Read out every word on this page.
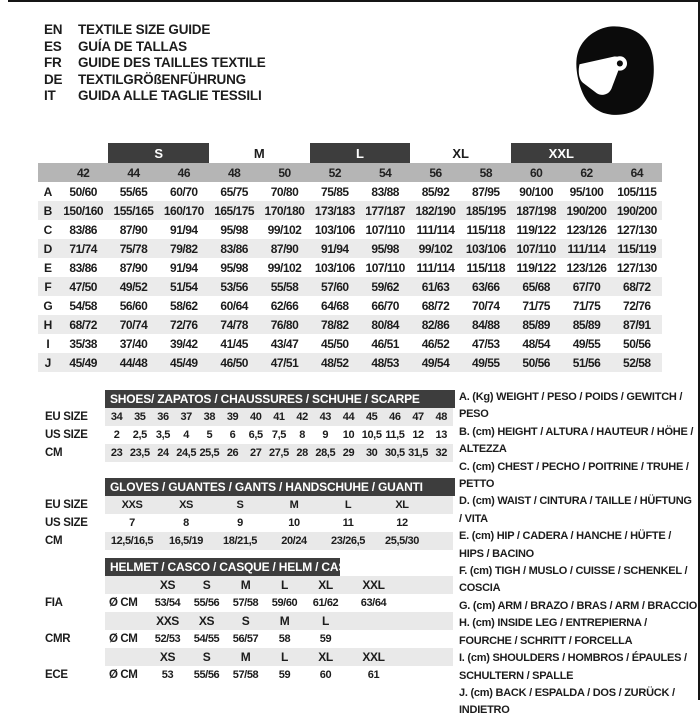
EN	TEXTILE SIZE GUIDE
ES	GUÍA DE TALLAS
FR	GUIDE DES TAILLES TEXTILE
DE	TEXTILGRÖßENFÜHRUNG
IT	GUIDA ALLE TAGLIE TESSILI
S	M	L	XL	XXL
42	44	46	48	50	52	54	56	58	60	62	64
A	50/60	55/65	60/70	65/75	70/80	75/85	83/88	85/92	87/95	90/100	95/100	105/115
B 150/160 155/165 160/170 165/175 170/180 173/183 177/187 182/190 185/195 187/198 190/200 190/200
C	83/86	87/90	91/94	95/98	99/102	103/106 107/110 111/114	115/118 119/122 123/126 127/130
D	71/74	75/78	79/82	83/86	87/90	91/94	95/98	99/102	103/106 107/110 111/114	115/119
E	83/86	87/90	91/94	95/98	99/102	103/106 107/110 111/114	115/118 119/122 123/126 127/130
F	47/50	49/52	51/54	53/56	55/58	57/60	59/62	61/63	63/66	65/68	67/70	68/72
G	54/58	56/60	58/62	60/64	62/66	64/68	66/70	68/72	70/74	71/75	71/75	72/76
H	68/72	70/74	72/76	74/78	76/80	78/82	80/84	82/86	84/88	85/89	85/89	87/91
I	35/38	37/40	39/42	41/45	43/47	45/50	46/51	46/52	47/53	48/54	49/55	50/56
J	45/49	44/48	45/49	46/50	47/51	48/52	48/53	49/54	49/55	50/56	51/56	52/58
SHOES/ ZAPATOS / CHAUSSURES / SCHUHE / SCARPE
EU SIZE	34	35	36	37	38	39	40	41	42	43	44	45	46	47	48
US SIZE	2	2,5 3,5	4	5	6	6,5 7,5	8	9	10 10,5 11,5 12	13
CM	23 23,5 24 24,5 25,5 26	27 27,5 28 28,5 29	30 30,5 31,5 32
GLOVES / GUANTES / GANTS / HANDSCHUHE / GUANTI
EU SIZE	XXS	XS	S	M	L	XL
US SIZE	7	8	9	10	11	12
CM	12,5/16,5	16,5/19	18/21,5	20/24	23/26,5	25,5/30
HELMET / CASCO / CASQUE / HELM / CASCO
XS	S	M	L	XL	XXL
FIA	Ø CM	53/54	55/56	57/58	59/60	61/62	63/64
XXS	XS	S	M	L
CMR	Ø CM	52/53	54/55	56/57	58	59
XS	S	M	L	XL	XXL
ECE	Ø CM	53	55/56	57/58	59	60	61
A. (Kg) WEIGHT / PESO / POIDS / GEWITCH / PESO
B. (cm) HEIGHT / ALTURA / HAUTEUR / HÖHE / ALTEZZA
C. (cm) CHEST / PECHO / POITRINE / TRUHE / PETTO
D. (cm) WAIST / CINTURA / TAILLE / HÜFTUNG / VITA
E. (cm) HIP / CADERA / HANCHE / HÜFTE / HIPS / BACINO
F. (cm) TIGH / MUSLO / CUISSE / SCHENKEL / COSCIA
G. (cm) ARM / BRAZO / BRAS / ARM / BRACCIO
H. (cm) INSIDE LEG / ENTREPIERNA / FOURCHE / SCHRITT / FORCELLA
I. (cm) SHOULDERS / HOMBROS / ÉPAULES / SCHULTERN / SPALLE
J. (cm) BACK / ESPALDA / DOS / ZURÜCK / INDIETRO
